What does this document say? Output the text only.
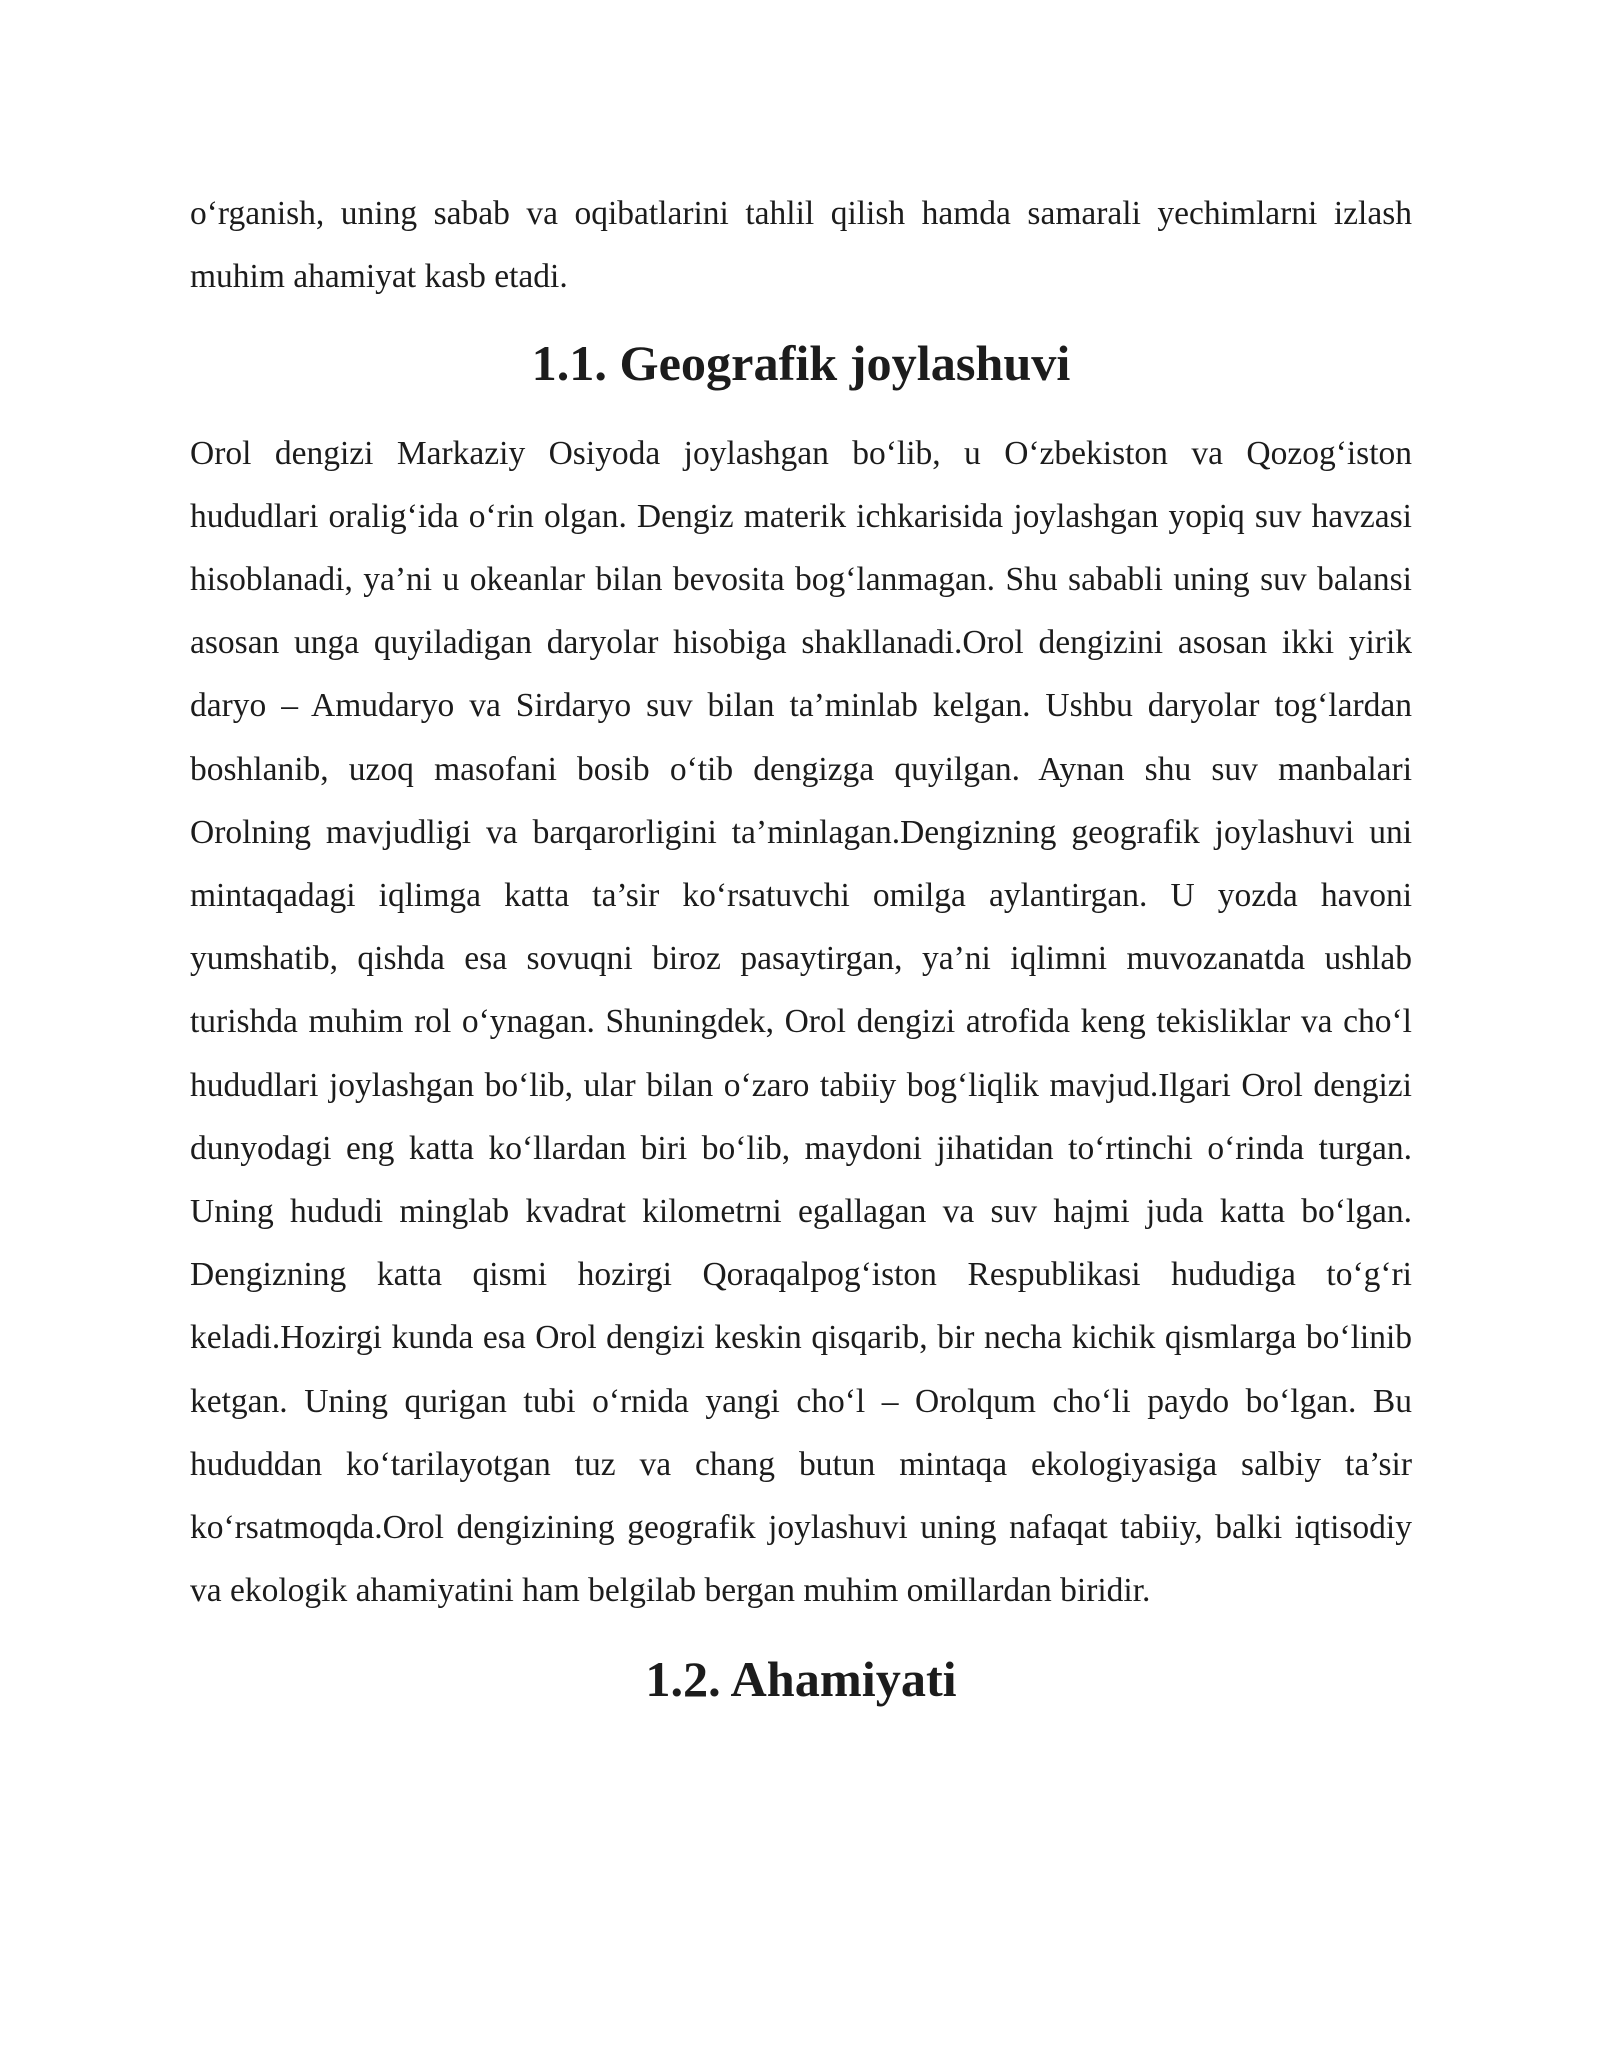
o‘rganish, uning sabab va oqibatlarini tahlil qilish hamda samarali yechimlarni izlash muhim ahamiyat kasb etadi.

1.1. Geografik joylashuvi

Orol dengizi Markaziy Osiyoda joylashgan bo‘lib, u O‘zbekiston va Qozog‘iston hududlari oralig‘ida o‘rin olgan. Dengiz materik ichkarisida joylashgan yopiq suv havzasi hisoblanadi, ya’ni u okeanlar bilan bevosita bog‘lanmagan. Shu sababli uning suv balansi asosan unga quyiladigan daryolar hisobiga shakllanadi.Orol dengizini asosan ikki yirik daryo – Amudaryo va Sirdaryo suv bilan ta’minlab kelgan. Ushbu daryolar tog‘lardan boshlanib, uzoq masofani bosib o‘tib dengizga quyilgan. Aynan shu suv manbalari Orolning mavjudligi va barqarorligini ta’minlagan.Dengizning geografik joylashuvi uni mintaqadagi iqlimga katta ta’sir ko‘rsatuvchi omilga aylantirgan. U yozda havoni yumshatib, qishda esa sovuqni biroz pasaytirgan, ya’ni iqlimni muvozanatda ushlab turishda muhim rol o‘ynagan. Shuningdek, Orol dengizi atrofida keng tekisliklar va cho‘l hududlari joylashgan bo‘lib, ular bilan o‘zaro tabiiy bog‘liqlik mavjud.Ilgari Orol dengizi dunyodagi eng katta ko‘llardan biri bo‘lib, maydoni jihatidan to‘rtinchi o‘rinda turgan. Uning hududi minglab kvadrat kilometrni egallagan va suv hajmi juda katta bo‘lgan. Dengizning katta qismi hozirgi Qoraqalpog‘iston Respublikasi hududiga to‘g‘ri keladi.Hozirgi kunda esa Orol dengizi keskin qisqarib, bir necha kichik qismlarga bo‘linib ketgan. Uning qurigan tubi o‘rnida yangi cho‘l – Orolqum cho‘li paydo bo‘lgan. Bu hududdan ko‘tarilayotgan tuz va chang butun mintaqa ekologiyasiga salbiy ta’sir ko‘rsatmoqda.Orol dengizining geografik joylashuvi uning nafaqat tabiiy, balki iqtisodiy va ekologik ahamiyatini ham belgilab bergan muhim omillardan biridir.

1.2. Ahamiyati
